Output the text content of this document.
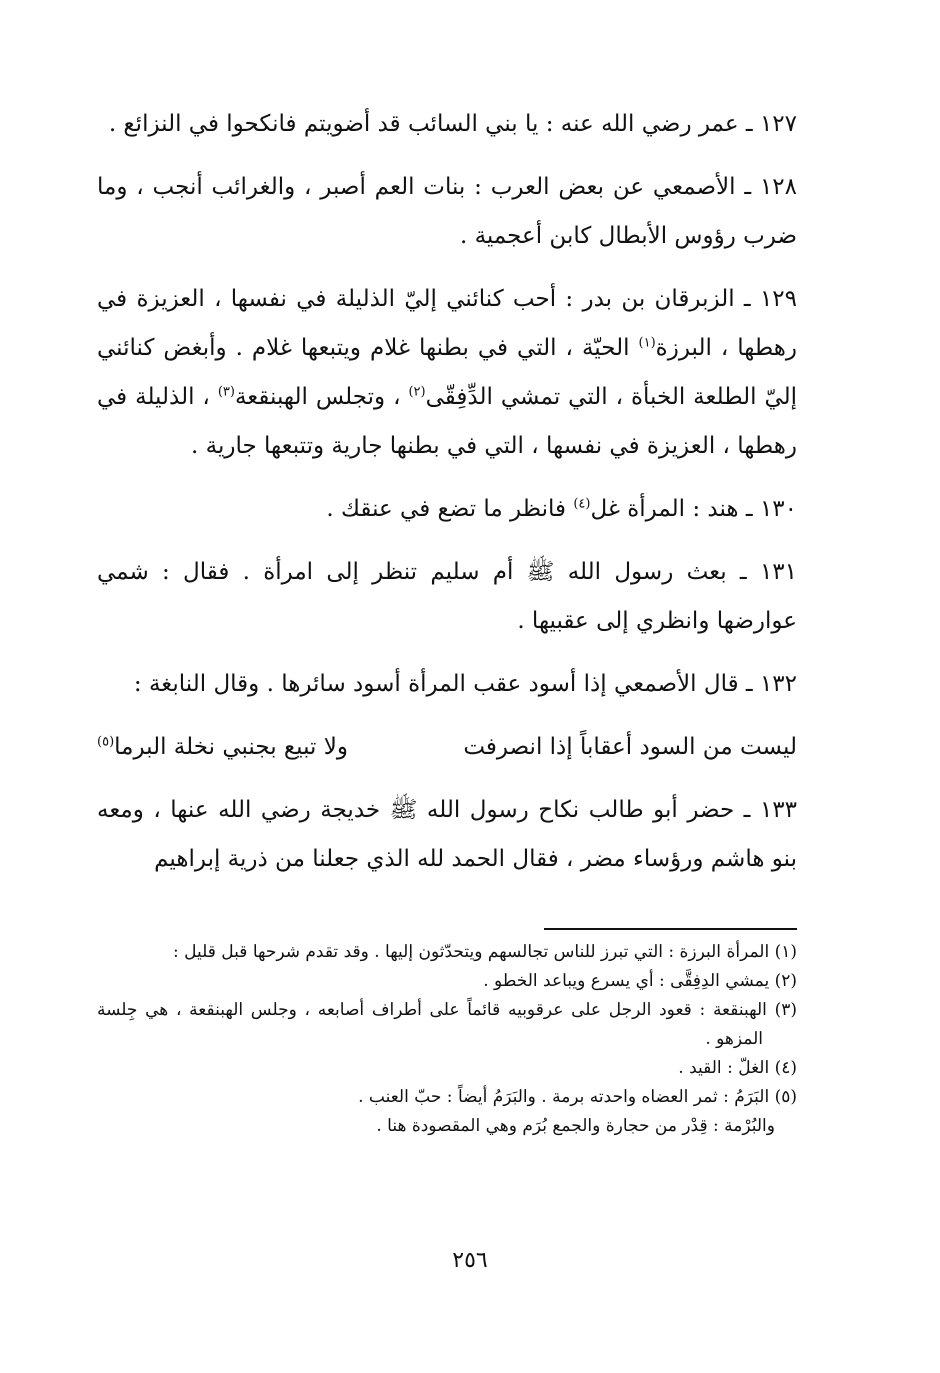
١٢٧ ـ عمر رضي الله عنه : يا بني السائب قد أضويتم فانكحوا في النزائع .

١٢٨ ـ الأصمعي عن بعض العرب : بنات العم أصبر ، والغرائب أنجب ، وما ضرب رؤوس الأبطال كابن أعجمية .

١٢٩ ـ الزبرقان بن بدر : أحب كنائني إليّ الذليلة في نفسها ، العزيزة في رهطها ، البرزة$^{(١)}$ الحيّة ، التي في بطنها غلام ويتبعها غلام . وأبغض كنائني إليّ الطلعة الخبأة ، التي تمشي الدِّفِقّى$^{(٢)}$ ، وتجلس الهبنقعة$^{(٣)}$ ، الذليلة في رهطها ، العزيزة في نفسها ، التي في بطنها جارية وتتبعها جارية .

١٣٠ ـ هند : المرأة غل$^{(٤)}$ فانظر ما تضع في عنقك .

١٣١ ـ بعث رسول الله ﷺ أم سليم تنظر إلى امرأة . فقال : شمي عوارضها وانظري إلى عقبيها .

١٣٢ ـ قال الأصمعي إذا أسود عقب المرأة أسود سائرها . وقال النابغة :

ليست من السود أعقاباً إذا انصرفت
ولا تبيع بجنبي نخلة البرما$^{(٥)}$

١٣٣ ـ حضر أبو طالب نكاح رسول الله ﷺ خديجة رضي الله عنها ، ومعه بنو هاشم ورؤساء مضر ، فقال الحمد لله الذي جعلنا من ذرية إبراهيم

(١) المرأة البرزة : التي تبرز للناس تجالسهم ويتحدّثون إليها . وقد تقدم شرحها قبل قليل :
(٢) يمشي الدِفِقَّى : أي يسرع ويباعد الخطو .
(٣) الهبنقعة : قعود الرجل على عرقوبيه قائماً على أطراف أصابعه ، وجلس الهبنقعة ، هي جِلسة المزهو .
(٤) الغلّ : القيد .
(٥) البَرَمُ : ثمر العضاه واحدته برمة . والبَرَمُ أيضاً : حبّ العنب .
والبُرْمة : قِدْر من حجارة والجمع بُرَم وهي المقصودة هنا .
٢٥٦
